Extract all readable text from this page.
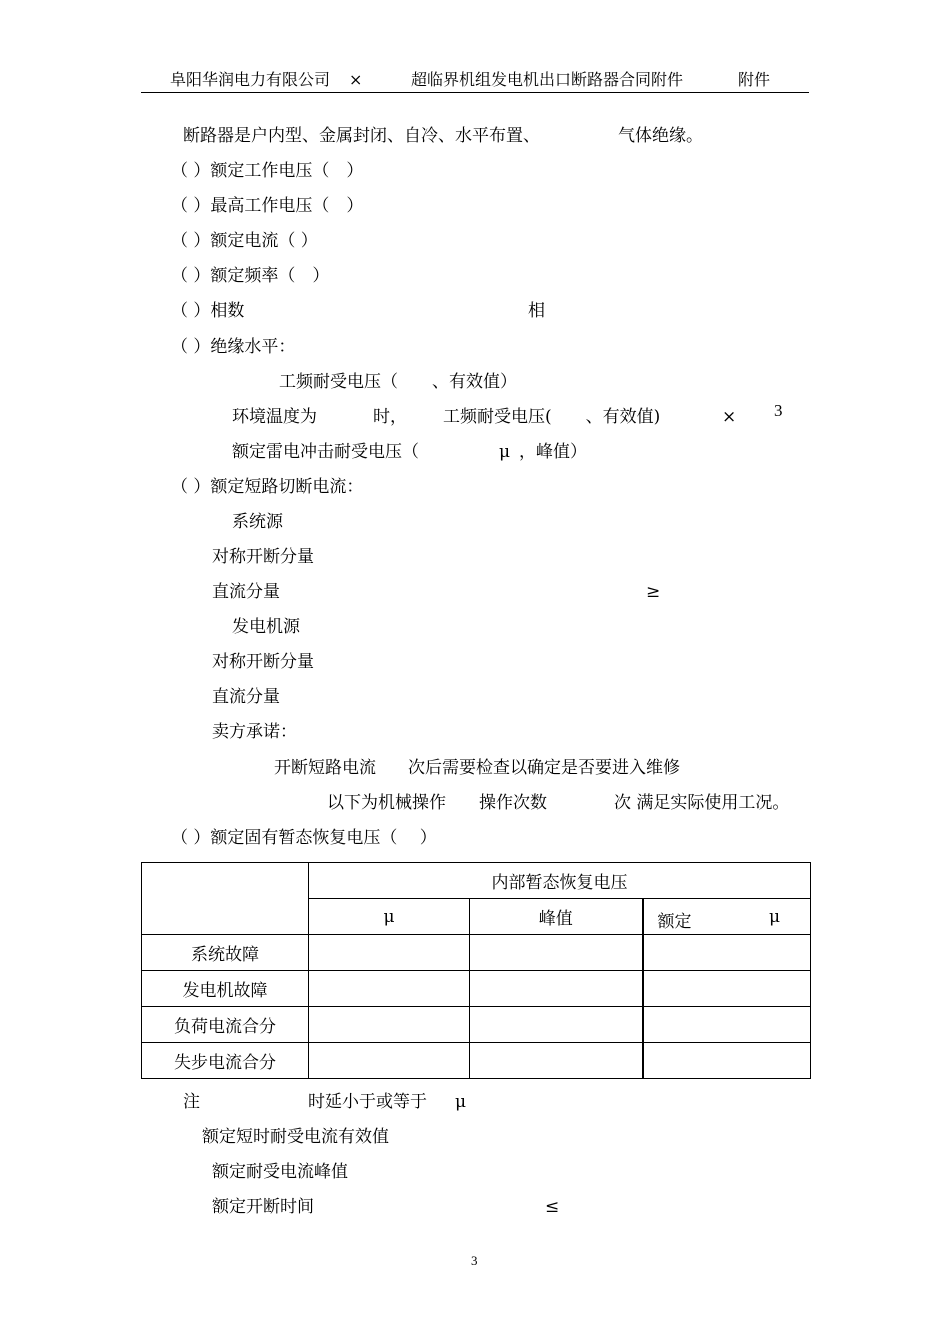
阜阳华润电力有限公司 ×	超临界机组发电机出口断路器合同附件	附件
断路器是户内型、金属封闭、自冷、水平布置、	气体绝缘。
（ ）额定工作电压（　）
（ ）最高工作电压（　）
（ ）额定电流（ ）
（ ）额定频率（　）
（ ）相数	相
（ ）绝缘水平：
工频耐受电压（　　、有效值）
环境温度为	时， 工频耐受电压(　　、有效值)	× 3
额定雷电冲击耐受电压（	μ ，峰值）
（ ）额定短路切断电流：
系统源
对称开断分量
直流分量	≥
发电机源
对称开断分量
直流分量
卖方承诺：
开断短路电流 次后需要检查以确定是否要进入维修
以下为机械操作 操作次数	次 满足实际使用工况。
（ ）额定固有暂态恢复电压（　 ）
	内部暂态恢复电压		
	μ	峰值	额定 μ

系统故障			
发电机故障			
负荷电流合分			
失步电流合分			
注	时延小于或等于 μ
额定短时耐受电流有效值
额定耐受电流峰值
额定开断时间	≤
3
